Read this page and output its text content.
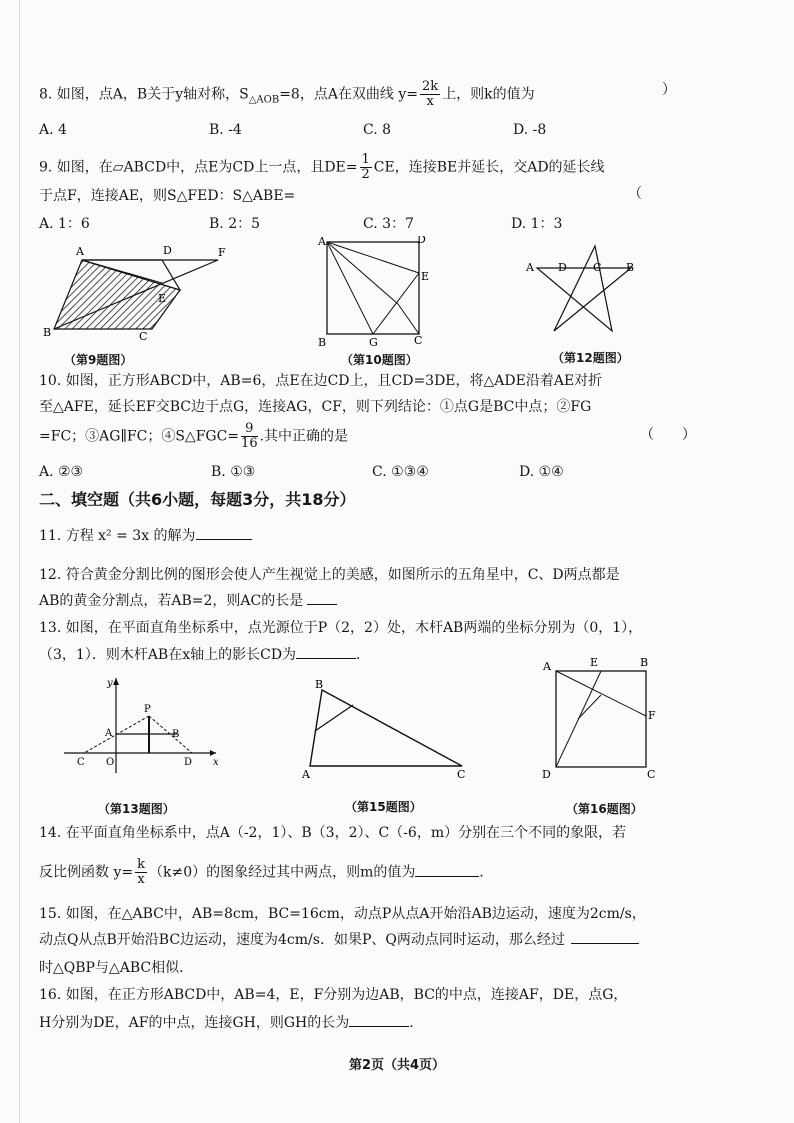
8. 如图，点A，B关于y轴对称，$S_{\triangle AOB}=8$，点A在双曲线 $y= \frac{2k}{x}$ 上，则k的值为	）
A. 4	B. -4	C. 8	D. -8
9. 如图，在▱ABCD中，点E为CD上一点，且$DE= \frac{1}{2}$ CE，连接BE并延长，交AD的延长线
于点F，连接AE，则S△FED：S△ABE=	（
A. 1：6	B. 2：5	C. 3：7	D. 1：3
A	D	F
E
B	C
A	D
E
B	G	C
A D C B
（第9题图）	（第10题图）	（第12题图）
10. 如图，正方形ABCD中，AB=6，点E在边CD上，且CD=3DE，将△ADE沿着AE对折
至△AFE，延长EF交BC边于点G，连接AG，CF，则下列结论：①点G是BC中点；②FG
=FC；③AG∥FC；④S△FGC= $\frac{9}{16}$ .其中正确的是	（　　）
A. ②③	B. ①③	C. ①③④	D. ①④
二、填空题（共6小题，每题3分，共18分）
11. 方程 x² = 3x 的解为
12. 符合黄金分割比例的图形会使人产生视觉上的美感，如图所示的五角星中，C、D两点都是
AB的黄金分割点，若AB=2，则AC的长是
13. 如图，在平面直角坐标系中，点光源位于P（2，2）处，木杆AB两端的坐标分别为（0，1），
（3，1）．则木杆AB在x轴上的影长CD为	．
y
x
P
A	B
C O	D
B
A	C
A	E	B
F
D	C
（第13题图）	（第15题图）	（第16题图）
14. 在平面直角坐标系中，点A（-2，1）、B（3，2）、C（-6，m）分别在三个不同的象限，若
反比例函数 $y= \frac{k}{x} (k\ne 0)$的图象经过其中两点，则m的值为	．
15. 如图，在△ABC中，AB=8cm，BC=16cm，动点P从点A开始沿AB边运动，速度为2cm/s，
动点Q从点B开始沿BC边运动，速度为4cm/s．如果P、Q两动点同时运动，那么经过
时△QBP与△ABC相似．
16. 如图，在正方形ABCD中，AB=4，E，F分别为边AB，BC的中点，连接AF，DE，点G，
H分别为DE，AF的中点，连接GH，则GH的长为	．
第2页（共4页）
